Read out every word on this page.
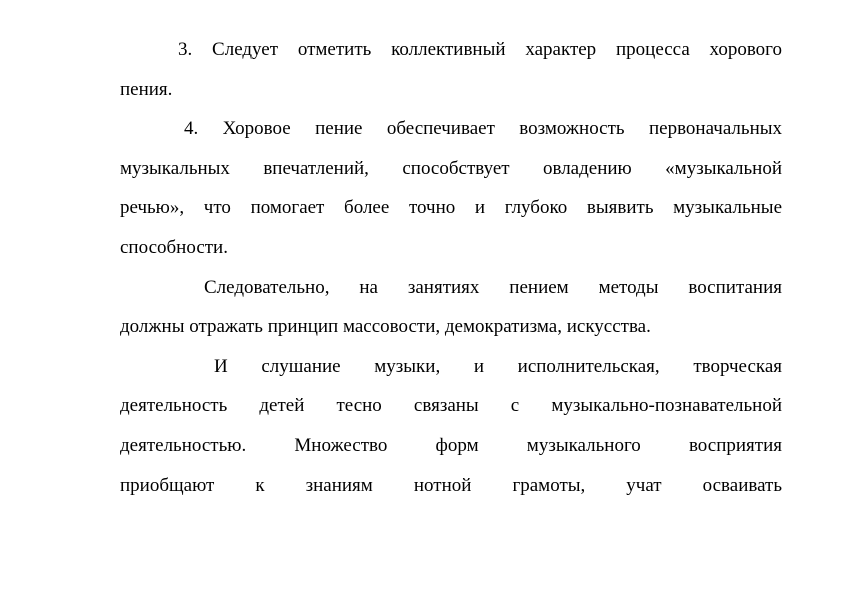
3. Следует отметить коллективный характер процесса хорового
пения.
4. Хоровое пение обеспечивает возможность первоначальных
музыкальных впечатлений, способствует овладению «музыкальной
речью», что помогает более точно и глубоко выявить музыкальные
способности.
Следовательно, на занятиях пением методы воспитания
должны отражать принцип массовости, демократизма, искусства.
И слушание музыки, и исполнительская, творческая
деятельность детей тесно связаны с музыкально-познавательной
деятельностью. Множество форм музыкального восприятия
приобщают к знаниям нотной грамоты, учат осваивать
